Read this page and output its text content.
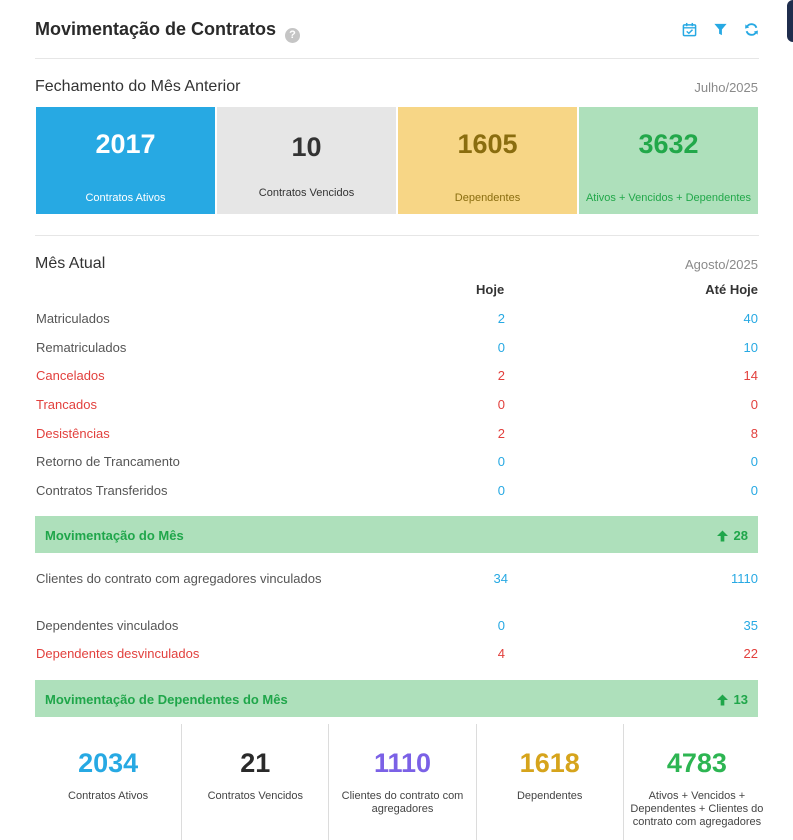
Movimentação de Contratos	?
Fechamento do Mês Anterior	Julho/2025
2017
Contratos Ativos
10
Contratos Vencidos
1605
Dependentes
3632
Ativos + Vencidos + Dependentes
Mês Atual	Agosto/2025
Hoje	Até Hoje
Matriculados	2	40
Rematriculados	0	10
Cancelados	2	14
Trancados	0	0
Desistências	2	8
Retorno de Trancamento	0	0
Contratos Transferidos	0	0
Movimentação do Mês	28
Clientes do contrato com agregadores vinculados	34	1110
Dependentes vinculados	0	35
Dependentes desvinculados	4	22
Movimentação de Dependentes do Mês	13
2034
Contratos Ativos
21
Contratos Vencidos
1110
Clientes do contrato com agregadores
1618
Dependentes
4783
Ativos + Vencidos + Dependentes + Clientes do contrato com agregadores
